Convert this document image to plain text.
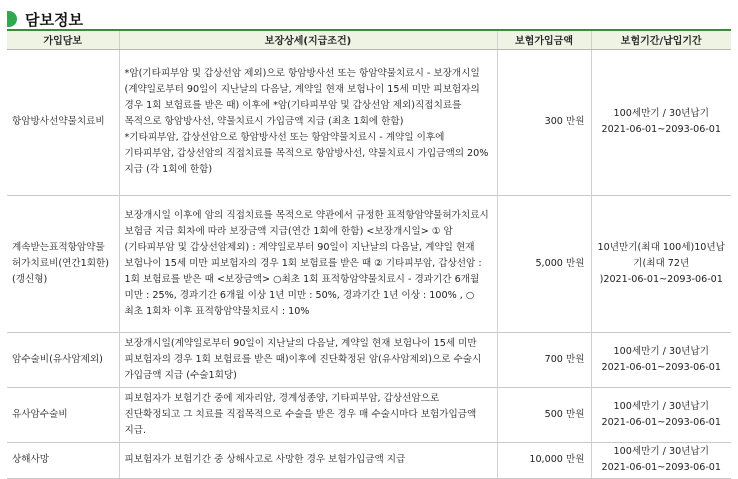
담보정보
가입담보	보장상세(지급조건)	보험가입금액	보험기간/납입기간
항암방사선약물치료비	*암(기타피부암 및 갑상선암 제외)으로 항암방사선 또는 항암약물치료시 - 보장개시일(계약일로부터 90일이 지난날의 다음날, 계약일 현재 보험나이 15세 미만 피보험자의 경우 1회 보험료를 받은 때) 이후에 *암(기타피부암 및 갑상선암 제외)직접치료를 목적으로 항암방사선, 약물치료시 가입금액 지급 (최초 1회에 한함)
*기타피부암, 갑상선암으로 항암방사선 또는 항암약물치료시 - 계약일 이후에 기타피부암, 갑상선암의 직접치료를 목적으로 항암방사선, 약물치료시 가입금액의 20% 지급 (각 1회에 한함)	300 만원	100세만기 / 30년납기
2021-06-01~2093-06-01

계속받는표적항암약물허가치료비(연간1회한)(갱신형)	보장개시일 이후에 암의 직접치료를 목적으로 약관에서 규정한 표적항암약물허가치료시 보험금 지급 회차에 따라 보장금액 지급(연간 1회에 한함) <보장개시일> ① 암(기타피부암 및 갑상선암제외) : 계약일로부터 90일이 지난날의 다음날, 계약일 현재 보험나이 15세 미만 피보험자의 경우 1회 보험료를 받은 때 ② 기타피부암, 갑상선암 : 1회 보험료를 받은 때 <보장금액> ○최초 1회 표적항암약물치료시 - 경과기간 6개월 미만 : 25%, 경과기간 6개월 이상 1년 미만 : 50%, 경과기간 1년 이상 : 100% , ○최초 1회차 이후 표적항암약물치료시 : 10%	5,000 만원	10년만기(최대 100세)10년납기(최대 72년
)2021-06-01~2093-06-01

암수술비(유사암제외)	보장개시일(계약일로부터 90일이 지난날의 다음날, 계약일 현재 보험나이 15세 미만 피보험자의 경우 1회 보험료를 받은 때)이후에 진단확정된 암(유사암제외)으로 수술시 가입금액 지급 (수술1회당)	700 만원	100세만기 / 30년납기
2021-06-01~2093-06-01

유사암수술비	피보험자가 보험기간 중에 제자리암, 경계성종양, 기타피부암, 갑상선암으로 진단확정되고 그 치료를 직접목적으로 수술을 받은 경우 매 수술시마다 보험가입금액 지급.	500 만원	100세만기 / 30년납기
2021-06-01~2093-06-01

상해사망	피보험자가 보험기간 중 상해사고로 사망한 경우 보험가입금액 지급	10,000 만원	100세만기 / 30년납기
2021-06-01~2093-06-01
